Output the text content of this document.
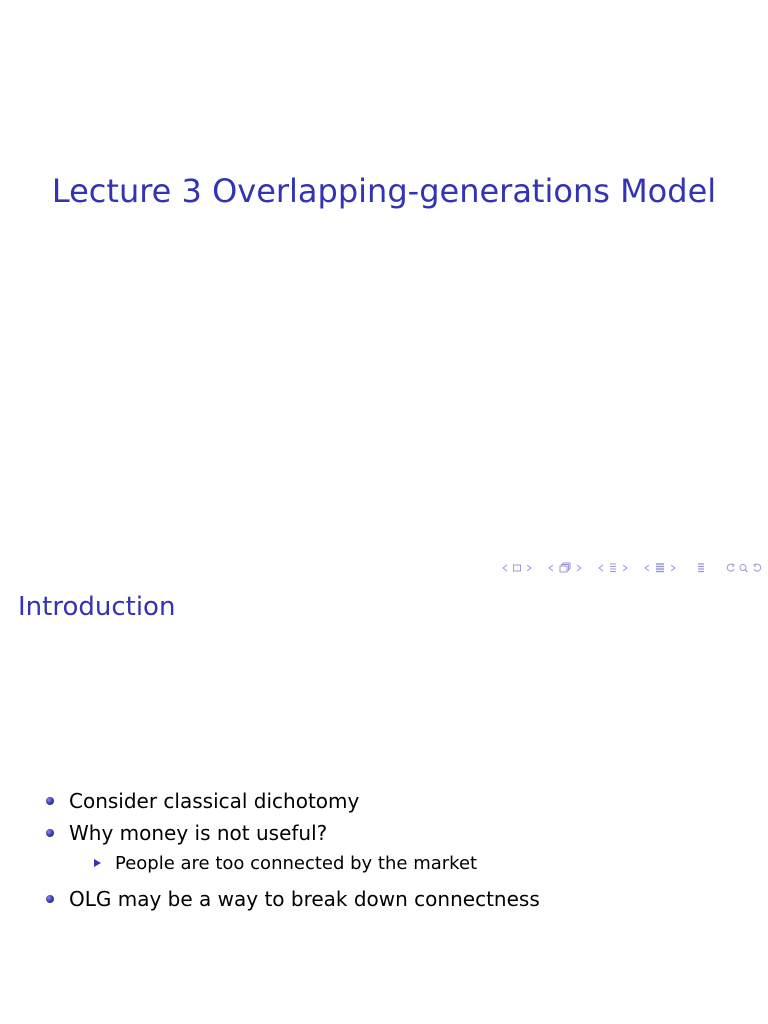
Lecture 3 Overlapping-generations Model
Introduction
Consider classical dichotomy
Why money is not useful?
People are too connected by the market
OLG may be a way to break down connectness
